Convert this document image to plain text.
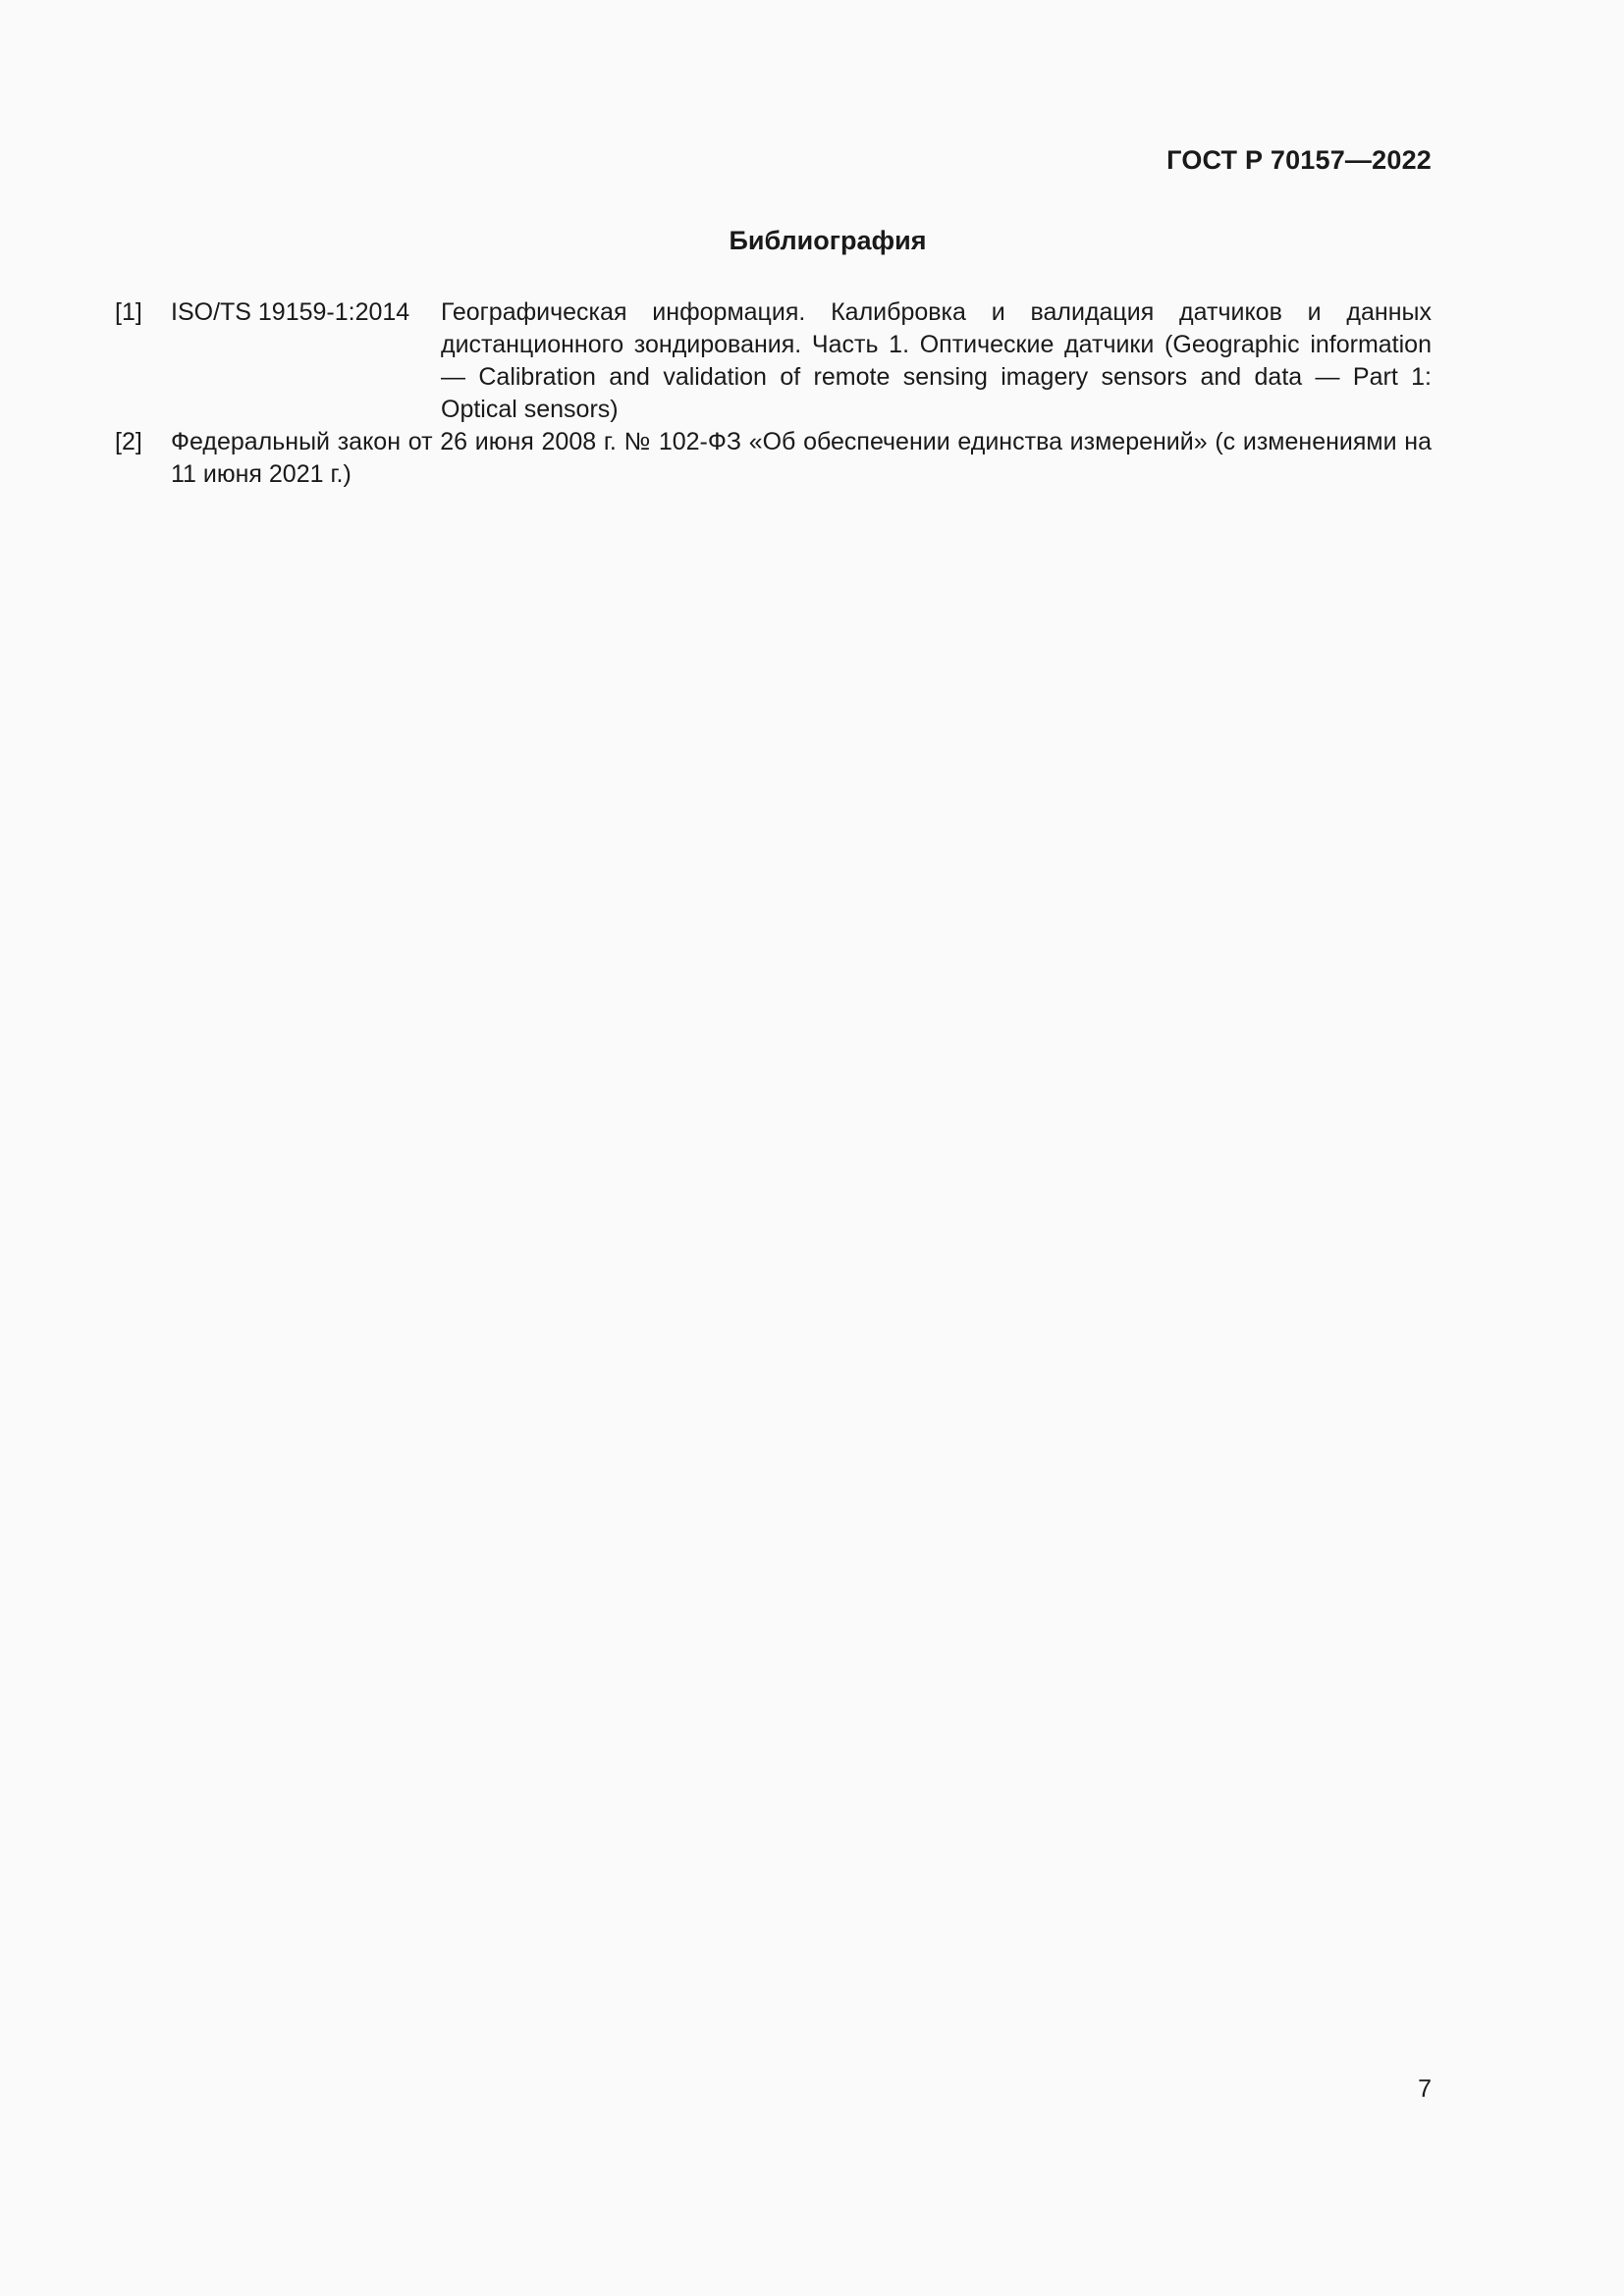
ГОСТ Р 70157—2022
Библиография
[1] ISO/TS 19159-1:2014 Географическая информация. Калибровка и валидация датчиков и данных дистанционного зондирования. Часть 1. Оптические датчики (Geographic information — Calibration and validation of remote sensing imagery sensors and data — Part 1: Optical sensors)
[2] Федеральный закон от 26 июня 2008 г. № 102-ФЗ «Об обеспечении единства измерений» (с изменениями на 11 июня 2021 г.)
7
